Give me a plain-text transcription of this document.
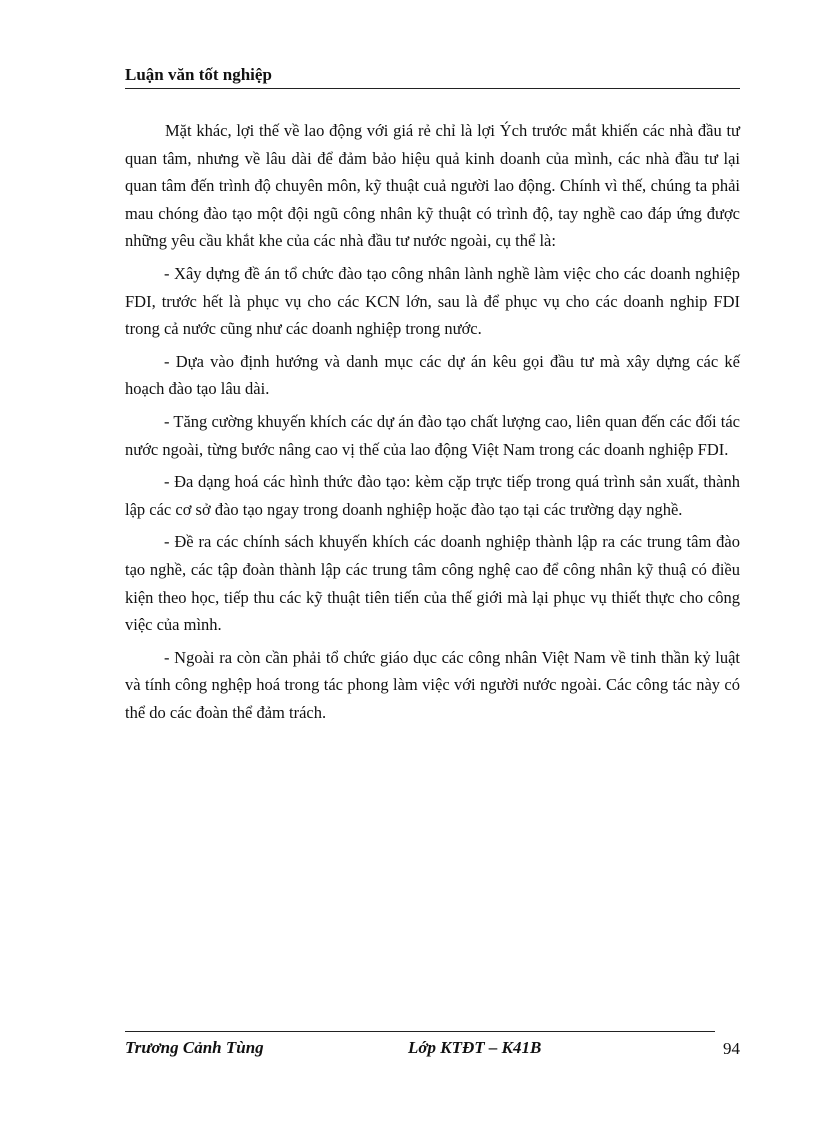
Luận văn tốt nghiệp

Mặt khác, lợi thế về lao động với giá rẻ chỉ là lợi Ých trước mắt khiến các nhà đầu tư quan tâm, nhưng về lâu dài để đảm bảo hiệu quả kinh doanh của mình, các nhà đầu tư lại quan tâm đến trình độ chuyên môn, kỹ thuật cuả người lao động. Chính vì thế, chúng ta phải mau chóng đào tạo một đội ngũ công nhân kỹ thuật có trình độ, tay nghề cao đáp ứng được những yêu cầu khắt khe của các nhà đầu tư nước ngoài, cụ thể là:

- Xây dựng đề án tổ chức đào tạo công nhân lành nghề làm việc cho các doanh nghiệp FDI, trước hết là phục vụ cho các KCN lớn, sau là để phục vụ cho các doanh nghip FDI trong cả nước cũng như các doanh nghiệp trong nước.

- Dựa vào định hướng và danh mục các dự án kêu gọi đầu tư mà xây dựng các kế hoạch đào tạo lâu dài.

- Tăng cường khuyến khích các dự án đào tạo chất lượng cao, liên quan đến các đối tác nước ngoài, từng bước nâng cao vị thế của lao động Việt Nam trong các doanh nghiệp FDI.

- Đa dạng hoá các hình thức đào tạo: kèm cặp trực tiếp trong quá trình sản xuất, thành lập các cơ sở đào tạo ngay trong doanh nghiệp hoặc đào tạo tại các trường dạy nghề.

- Đề ra các chính sách khuyến khích các doanh nghiệp thành lập ra các trung tâm đào tạo nghề, các tập đoàn thành lập các trung tâm công nghệ cao để công nhân kỹ thuậ có điều kiện theo học, tiếp thu các kỹ thuật tiên tiến của thế giới mà lại phục vụ thiết thực cho công việc của mình.

- Ngoài ra còn cần phải tổ chức giáo dục các công nhân Việt Nam về tinh thần kỷ luật và tính công nghệp hoá trong tác phong làm việc với người nước ngoài. Các công tác này có thể do các đoàn thể đảm trách.

Trương Cảnh Tùng	Lớp KTĐT – K41B	94
